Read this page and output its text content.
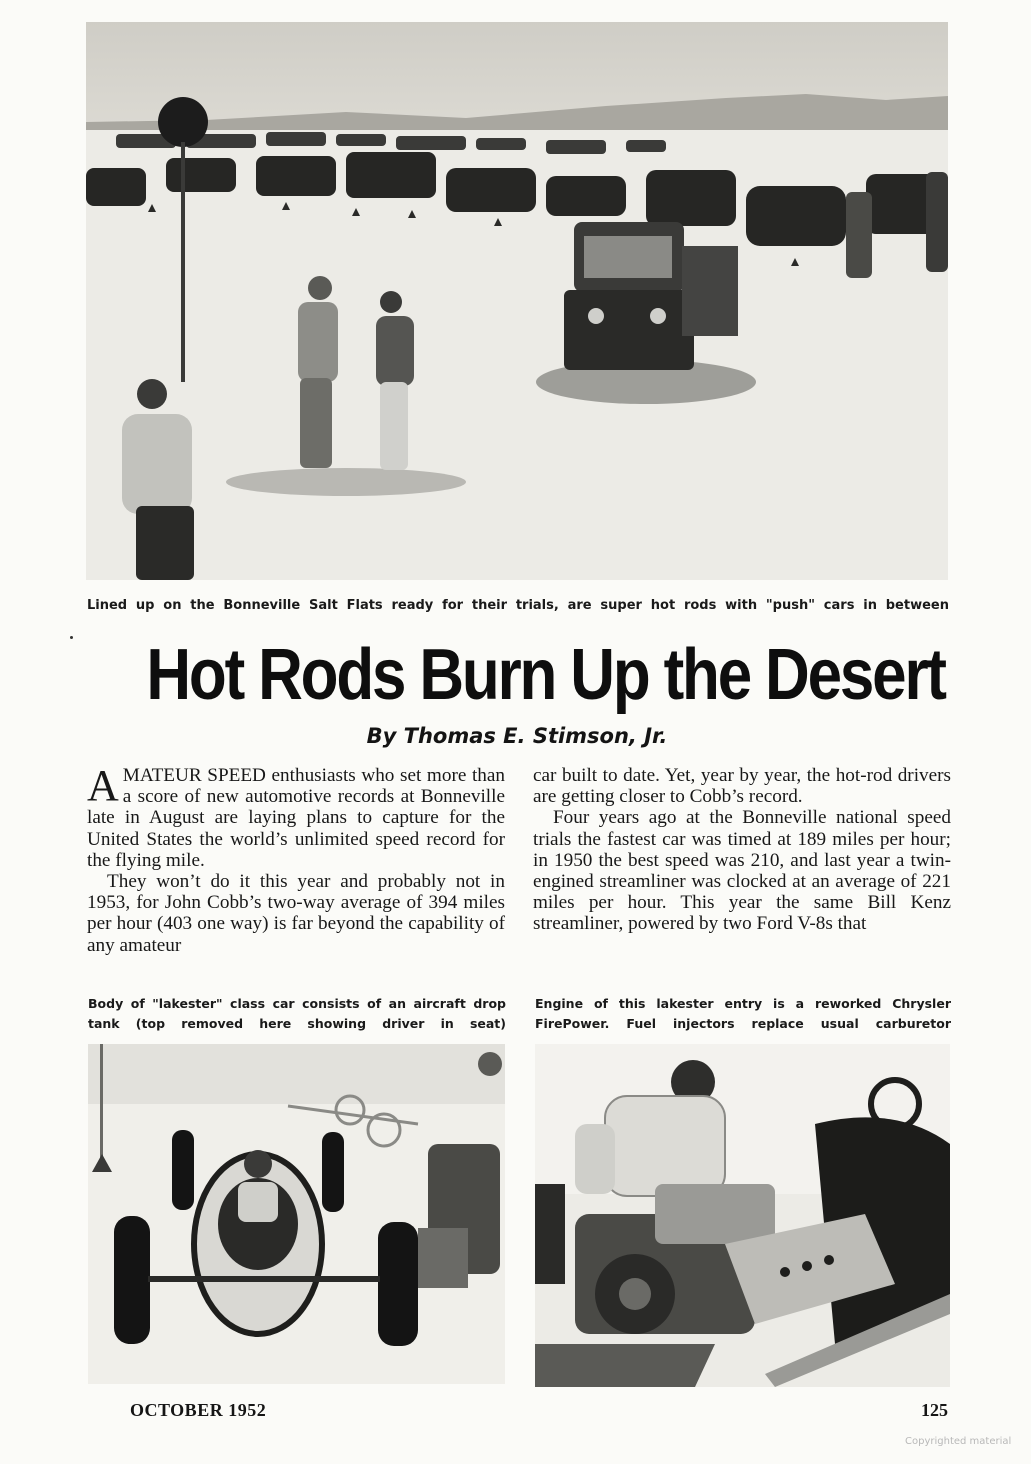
Lined up on the Bonneville Salt Flats ready for their trials, are super hot rods with "push" cars in between
Hot Rods Burn Up the Desert
By Thomas E. Stimson, Jr.

AMATEUR SPEED enthusiasts who set more than a score of new automotive records at Bonneville late in August are laying plans to capture for the United States the world’s unlimited speed record for the flying mile.

They won’t do it this year and probably not in 1953, for John Cobb’s two-way average of 394 miles per hour (403 one way) is far beyond the capability of any amateur

car built to date. Yet, year by year, the hot-rod drivers are getting closer to Cobb’s record.

Four years ago at the Bonneville national speed trials the fastest car was timed at 189 miles per hour; in 1950 the best speed was 210, and last year a twin-engined streamliner was clocked at an average of 221 miles per hour. This year the same Bill Kenz streamliner, powered by two Ford V-8s that

Body of "lakester" class car consists of an aircraft drop tank (top removed here showing driver in seat)
Engine of this lakester entry is a reworked Chrysler FirePower. Fuel injectors replace usual carburetor
OCTOBER 1952	125
Copyrighted material
